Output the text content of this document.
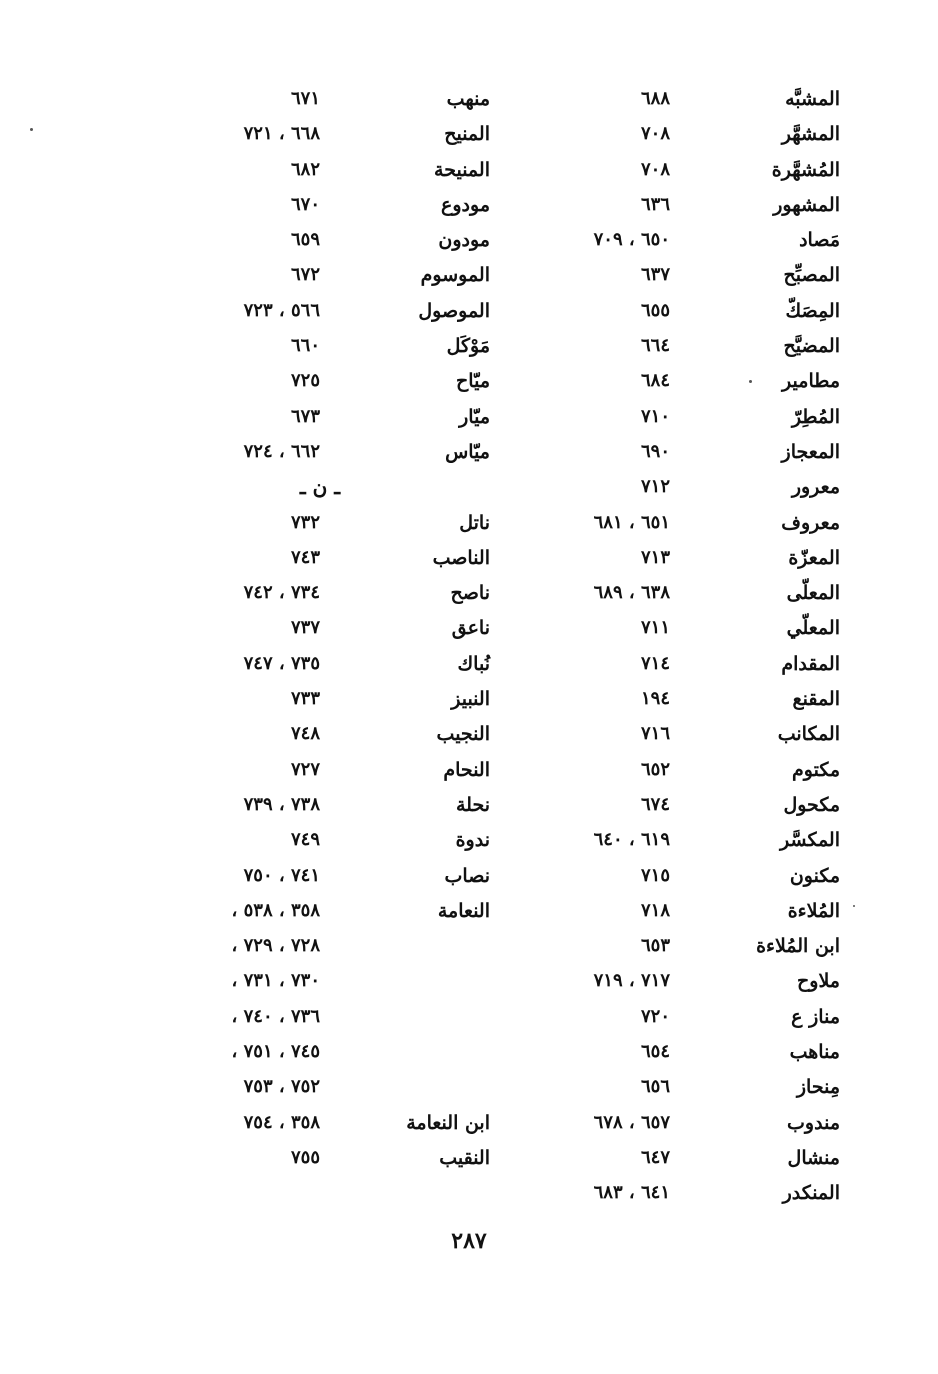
المشبَّه
٦٨٨
المشهَّر
٧٠٨
المُشهَّرة
٧٠٨
المشهور
٦٣٦
مَصاد
٦٥٠ ، ٧٠٩
المصبِّح
٦٣٧
المِصَكّ
٦٥٥
المضيَّح
٦٦٤
مطامير
٦٨٤
المُطِرّ
٧١٠
المعجاز
٦٩٠
معرور
٧١٢
معروف
٦٥١ ، ٦٨١
المعزّة
٧١٣
المعلّى
٦٣٨ ، ٦٨٩
المعلّي
٧١١
المقدام
٧١٤
المقنع
١٩٤
المكانب
٧١٦
مكتوم
٦٥٢
مكحول
٦٧٤
المكسَّر
٦١٩ ، ٦٤٠
مكنون
٧١٥
المُلاءة
٧١٨
ابن المُلاءة
٦٥٣
ملاوح
٧١٧ ، ٧١٩
مناز ع
٧٢٠
مناهب
٦٥٤
مِنحاز
٦٥٦
مندوب
٦٥٧ ، ٦٧٨
منشال
٦٤٧
المنكدر
٦٤١ ، ٦٨٣
منهب
٦٧١
المنيح
٦٦٨ ، ٧٢١
المنيحة
٦٨٢
مودوع
٦٧٠
مودون
٦٥٩
الموسوم
٦٧٢
الموصول
٥٦٦ ، ٧٢٣
مَوْكَل
٦٦٠
ميّاح
٧٢٥
ميّار
٦٧٣
ميّاس
٦٦٢ ، ٧٢٤
ـ ن ـ
ناتل
٧٣٢
الناصب
٧٤٣
ناصح
٧٣٤ ، ٧٤٢
ناعق
٧٣٧
نُباك
٧٣٥ ، ٧٤٧
النبيز
٧٣٣
النجيب
٧٤٨
النحام
٧٢٧
نحلة
٧٣٨ ، ٧٣٩
ندوة
٧٤٩
نصاب
٧٤١ ، ٧٥٠
النعامة
٣٥٨ ، ٥٣٨ ،
٧٢٨ ، ٧٢٩ ،
٧٣٠ ، ٧٣١ ،
٧٣٦ ، ٧٤٠ ،
٧٤٥ ، ٧٥١ ،
٧٥٢ ، ٧٥٣
ابن النعامة
٣٥٨ ، ٧٥٤
النقيب
٧٥٥
٢٨٧
